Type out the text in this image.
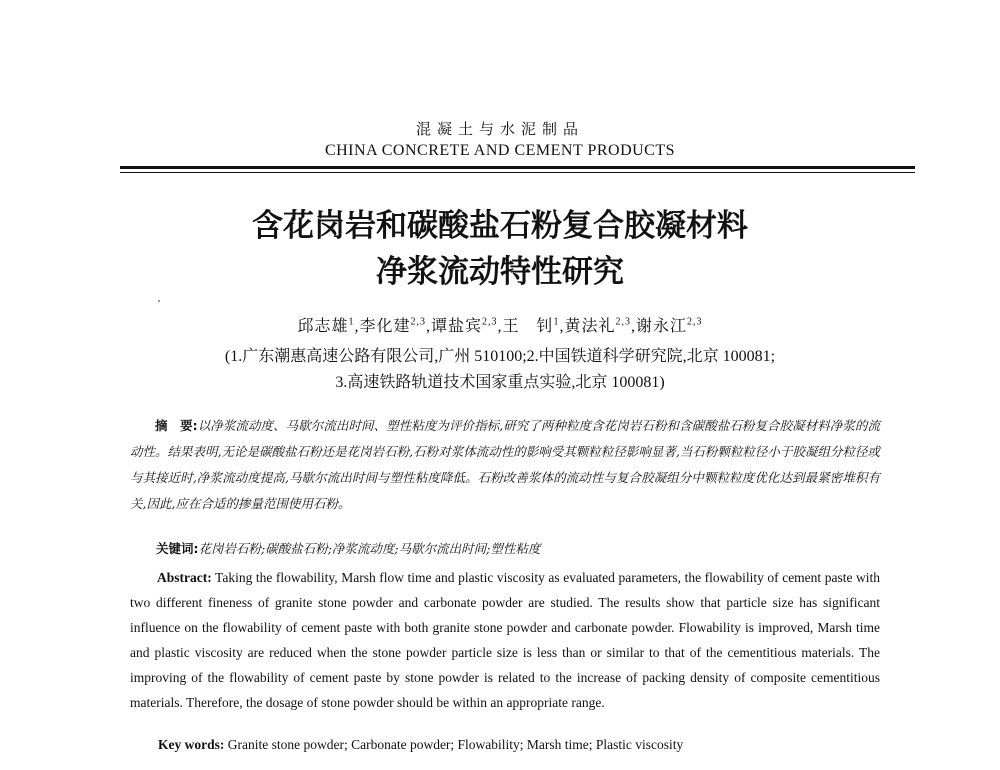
混凝土与水泥制品
CHINA CONCRETE AND CEMENT PRODUCTS
含花岗岩和碳酸盐石粉复合胶凝材料
净浆流动特性研究
邱志雄$^1$,李化建$^{2,3}$,谭盐宾$^{2,3}$,王　钊$^1$,黄法礼$^{2,3}$,谢永江$^{2,3}$
(1.广东潮惠高速公路有限公司,广州 510100;2.中国铁道科学研究院,北京 100081;
3.高速铁路轨道技术国家重点实验,北京 100081)
摘　要:以净浆流动度、马歇尔流出时间、塑性粘度为评价指标,研究了两种粒度含花岗岩石粉和含碳酸盐石粉复合胶凝材料净浆的流动性。结果表明,无论是碳酸盐石粉还是花岗岩石粉,石粉对浆体流动性的影响受其颗粒粒径影响显著,当石粉颗粒粒径小于胶凝组分粒径或与其接近时,净浆流动度提高,马歇尔流出时间与塑性粘度降低。石粉改善浆体的流动性与复合胶凝组分中颗粒粒度优化达到最紧密堆积有关,因此,应在合适的掺量范围使用石粉。
关键词:花岗岩石粉;碳酸盐石粉;净浆流动度;马歇尔流出时间;塑性粘度
Abstract: Taking the flowability, Marsh flow time and plastic viscosity as evaluated parameters, the flowability of cement paste with two different fineness of granite stone powder and carbonate powder are studied. The results show that particle size has significant influence on the flowability of cement paste with both granite stone powder and carbonate powder. Flowability is improved, Marsh time and plastic viscosity are reduced when the stone powder particle size is less than or similar to that of the cementitious materials. The improving of the flowability of cement paste by stone powder is related to the increase of packing density of composite cementitious materials. Therefore, the dosage of stone powder should be within an appropriate range.
Key words: Granite stone powder; Carbonate powder; Flowability; Marsh time; Plastic viscosity
